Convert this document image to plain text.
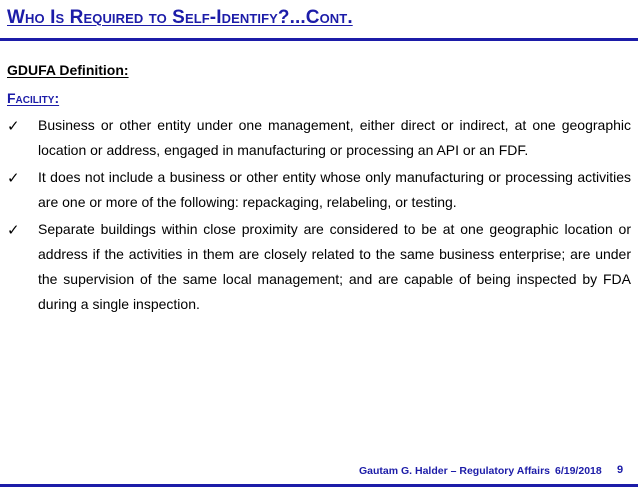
Who Is Required to Self-Identify?...Cont.
GDUFA Definition:
Facility:
✓ Business or other entity under one management, either direct or indirect, at one geographic location or address, engaged in manufacturing or processing an API or an FDF.
✓ It does not include a business or other entity whose only manufacturing or processing activities are one or more of the following: repackaging, relabeling, or testing.
✓ Separate buildings within close proximity are considered to be at one geographic location or address if the activities in them are closely related to the same business enterprise; are under the supervision of the same local management; and are capable of being inspected by FDA during a single inspection.
Gautam G. Halder – Regulatory Affairs 6/19/2018 9
